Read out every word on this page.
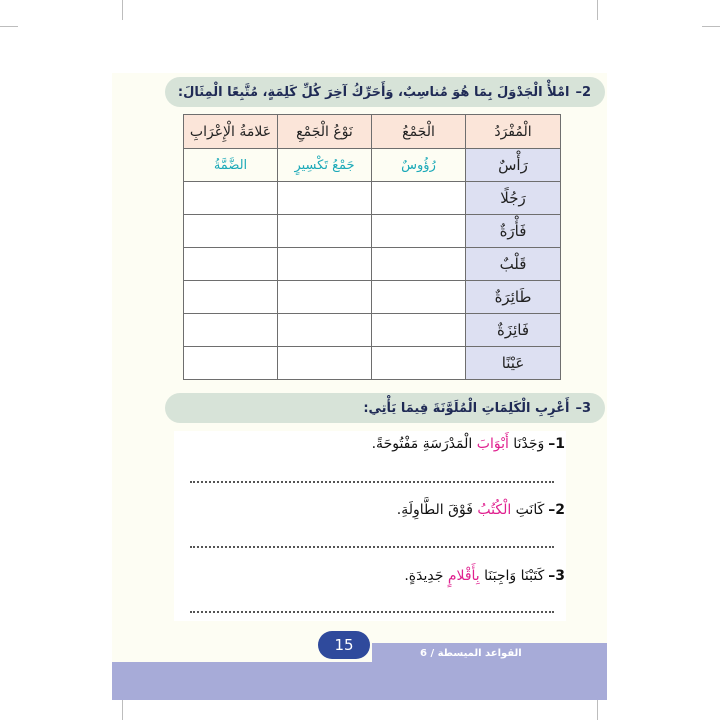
2–
امْلأْ الْجَدْوَلَ بِمَا هُوَ مُناسِبٌ، وَأَحَرِّكُ آخِرَ كُلِّ كَلِمَةٍ، مُتَّبِعًا الْمِثَالَ:
الْمُفْرَدُ	الْجَمْعُ	نَوْعُ الْجَمْعِ	عَلامَةُ الْإِعْرَابِ
رَأْسٌ	رُؤُوسٌ	جَمْعُ تَكْسِيرٍ	الضَّمَّةُ
رَجُلًا			
فَأْرَةٌ			
قَلْبٌ			
طَائِرَةٌ			
فَائِزَةٌ			
عَيْنًا			
3–
أَعْرِبِ الْكَلِمَاتِ الْمُلَوَّنَةَ فِيمَا يَأْتِي:
1–وَجَدْنَا أَبْوَابَ الْمَدْرَسَةِ مَفْتُوحَةً.
2–كَانَتِ الْكُتُبُ فَوْقَ الطَّاوِلَةِ.
3–كَتَبْنَا وَاجِبَنَا بِأَقْلامٍ جَدِيدَةٍ.
15	القواعد الميسطة / 6
